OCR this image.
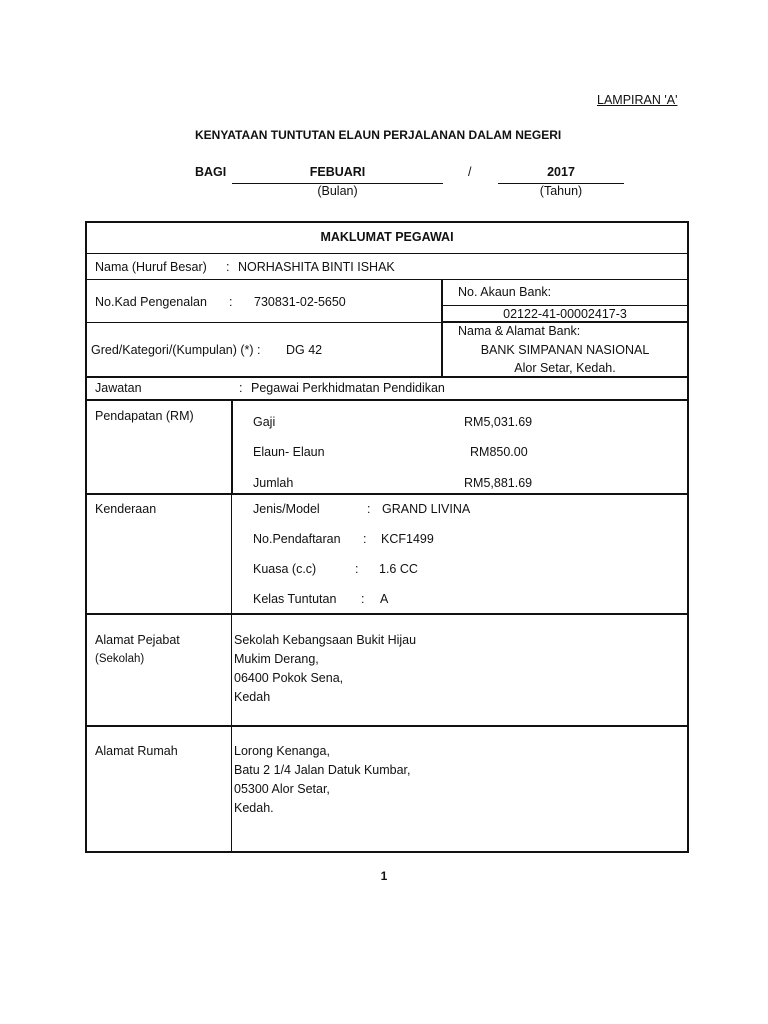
LAMPIRAN 'A'
KENYATAAN TUNTUTAN ELAUN PERJALANAN DALAM NEGERI
BAGI	FEBUARI
(Bulan)
/	2017
(Tahun)
MAKLUMAT PEGAWAI
Nama (Huruf Besar) : NORHASHITA BINTI ISHAK
No.Kad Pengenalan : 730831-02-5650
No. Akaun Bank:
02122-41-00002417-3
Gred/Kategori/(Kumpulan) (*) : DG 42
Nama & Alamat Bank:
BANK SIMPANAN NASIONAL
Alor Setar, Kedah.
Jawatan	: Pegawai Perkhidmatan Pendidikan
Pendapatan (RM)	Gaji	RM5,031.69
Elaun- Elaun	RM850.00
Jumlah	RM5,881.69
Kenderaan	Jenis/Model	: GRAND LIVINA
No.Pendaftaran : KCF1499
Kuasa (c.c)	: 1.6 CC
Kelas Tuntutan : A
Alamat Pejabat
(Sekolah)
Sekolah Kebangsaan Bukit Hijau
Mukim Derang,
06400 Pokok Sena,
Kedah
Alamat Rumah	Lorong Kenanga,
Batu 2 1/4 Jalan Datuk Kumbar,
05300 Alor Setar,
Kedah.
1
